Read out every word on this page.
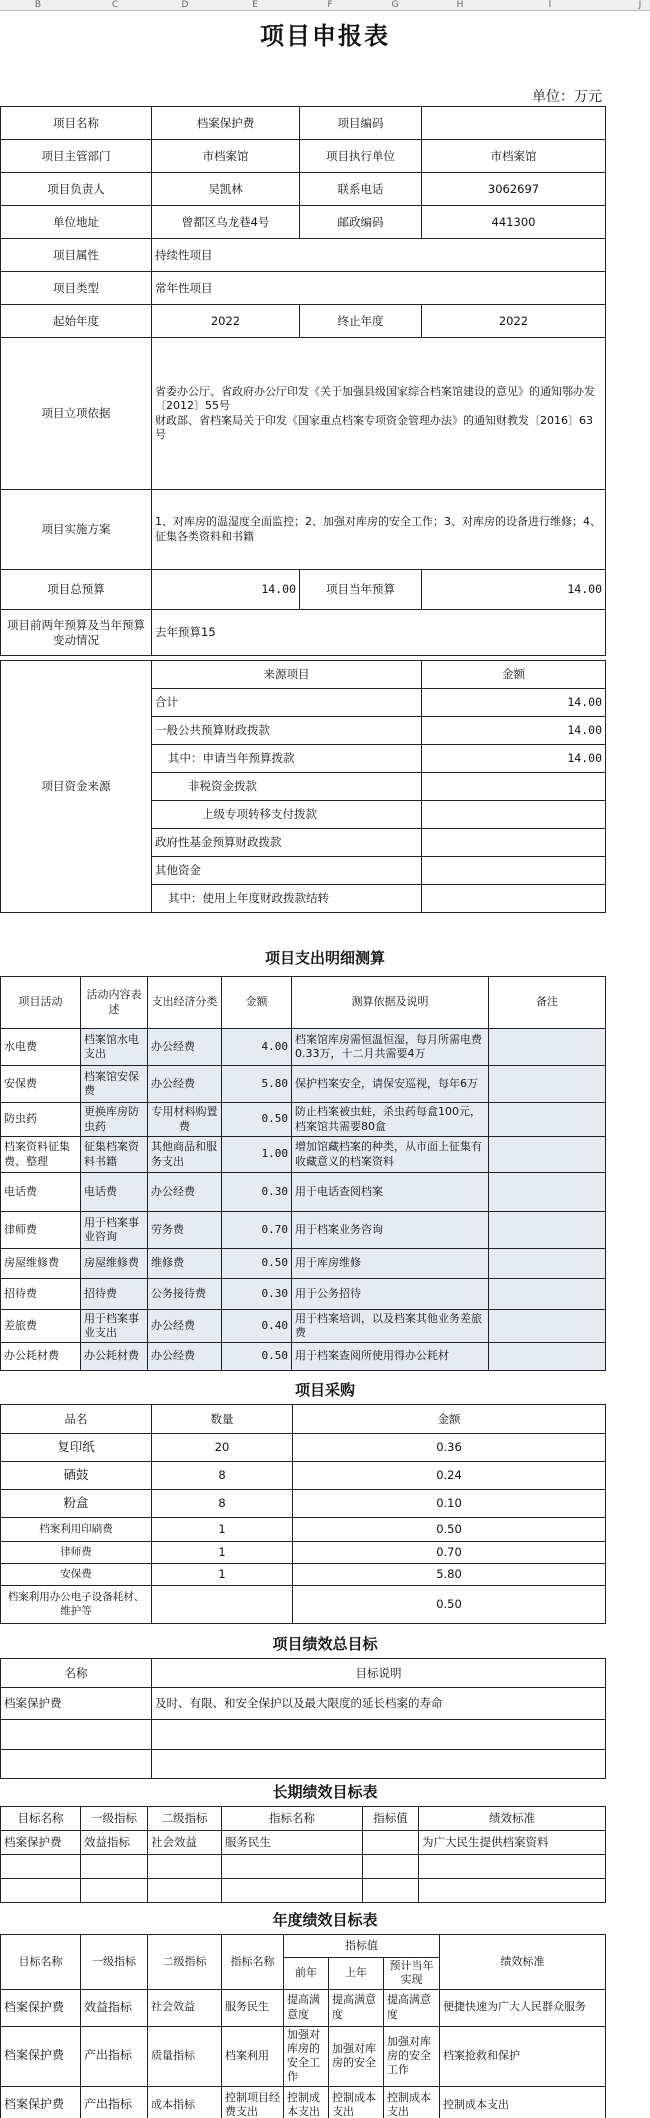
B	C	D	E	F	G	H	I	J
项目申报表
单位：万元
项目名称	档案保护费	项目编码	
项目主管部门	市档案馆	项目执行单位	市档案馆
项目负责人	吴凯林	联系电话	3062697
单位地址	曾都区乌龙巷4号	邮政编码	441300
项目属性	持续性项目		
项目类型	常年性项目		
起始年度	2022	终止年度	2022
项目立项依据	省委办公厅、省政府办公厅印发《关于加强县级国家综合档案馆建设的意见》的通知鄂办发〔2012〕55号
财政部、省档案局关于印发《国家重点档案专项资金管理办法》的通知财教发〔2016〕63号		
项目实施方案	1、对库房的温湿度全面监控；2、加强对库房的安全工作；3、对库房的设备进行维修；4、征集各类资料和书籍		
项目总预算	14.00	项目当年预算	14.00
项目前两年预算及当年预算变动情况	去年预算15		
项目资金来源	来源项目	金额
	合计	14.00
	一般公共预算财政拨款	14.00
	其中：申请当年预算拨款	14.00
	非税资金拨款	
	上级专项转移支付拨款	
	政府性基金预算财政拨款	
	其他资金	
	其中：使用上年度财政拨款结转	
项目支出明细测算
项目活动	活动内容表述	支出经济分类	金额	测算依据及说明	备注
水电费	档案馆水电支出	办公经费	4.00	档案馆库房需恒温恒湿，每月所需电费0.33万，十二月共需要4万	
安保费	档案馆安保费	办公经费	5.80	保护档案安全，请保安巡视，每年6万	
防虫药	更换库房防虫药	专用材料购置费	0.50	防止档案被虫蛀，杀虫药每盒100元，档案馆共需要80盒	
档案资料征集费、整理	征集档案资料书籍	其他商品和服务支出	1.00	增加馆藏档案的种类，从市面上征集有收藏意义的档案资料	
电话费	电话费	办公经费	0.30	用于电话查阅档案	
律师费	用于档案事业咨询	劳务费	0.70	用于档案业务咨询	
房屋维修费	房屋维修费	维修费	0.50	用于库房维修	
招待费	招待费	公务接待费	0.30	用于公务招待	
差旅费	用于档案事业支出	办公经费	0.40	用于档案培训，以及档案其他业务差旅费	
办公耗材费	办公耗材费	办公经费	0.50	用于档案查阅所使用得办公耗材	
项目采购
品名	数量	金额
复印纸	20	0.36
硒鼓	8	0.24
粉盒	8	0.10
档案利用印刷费	1	0.50
律师费	1	0.70
安保费	1	5.80
档案利用办公电子设备耗材、维护等		0.50
项目绩效总目标
名称	目标说明
档案保护费	及时、有限、和安全保护以及最大限度的延长档案的寿命

长期绩效目标表
目标名称	一级指标	二级指标	指标名称	指标值	绩效标准
档案保护费	效益指标	社会效益	服务民生		为广大民生提供档案资料

年度绩效目标表
目标名称	一级指标	二级指标	指标名称	指标值			绩效标准
				前年	上年	预计当年实现	
档案保护费	效益指标	社会效益	服务民生	提高满意度	提高满意度	提高满意度	便捷快速为广大人民群众服务
档案保护费	产出指标	质量指标	档案利用	加强对库房的安全工作	加强对库房的安全	加强对库房的安全工作	档案抢救和保护
档案保护费	产出指标	成本指标	控制项目经费支出	控制成本支出	控制成本支出	控制成本支出	控制成本支出
